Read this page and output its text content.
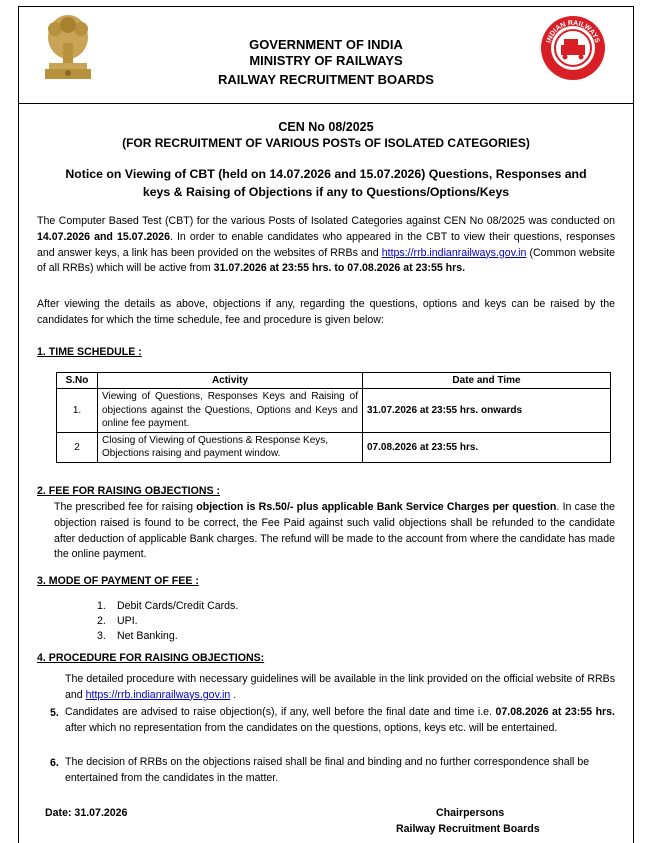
GOVERNMENT OF INDIA
MINISTRY OF RAILWAYS
RAILWAY RECRUITMENT BOARDS
INDIAN RAILWAYS
CEN No 08/2025
(FOR RECRUITMENT OF VARIOUS POSTs OF ISOLATED CATEGORIES)
Notice on Viewing of CBT (held on 14.07.2026 and 15.07.2026) Questions, Responses and
keys & Raising of Objections if any to Questions/Options/Keys
The Computer Based Test (CBT) for the various Posts of Isolated Categories against CEN No 08/2025 was conducted on 14.07.2026 and 15.07.2026. In order to enable candidates who appeared in the CBT to view their questions, responses and answer keys, a link has been provided on the websites of RRBs and https://rrb.indianrailways.gov.in (Common website of all RRBs) which will be active from 31.07.2026 at 23:55 hrs. to 07.08.2026 at 23:55 hrs.
After viewing the details as above, objections if any, regarding the questions, options and keys can be raised by the candidates for which the time schedule, fee and procedure is given below:
1. TIME SCHEDULE :
S.No	Activity	Date and Time
1.	Viewing of Questions, Responses Keys and Raising of objections against the Questions, Options and Keys and online fee payment.	31.07.2026 at 23:55 hrs. onwards
2	Closing of Viewing of Questions & Response Keys, Objections raising and payment window.	07.08.2026 at 23:55 hrs.
2. FEE FOR RAISING OBJECTIONS :
The prescribed fee for raising objection is Rs.50/- plus applicable Bank Service Charges per question. In case the objection raised is found to be correct, the Fee Paid against such valid objections shall be refunded to the candidate after deduction of applicable Bank charges. The refund will be made to the account from where the candidate has made the online payment.
3. MODE OF PAYMENT OF FEE :
1. Debit Cards/Credit Cards.
2. UPI.
3. Net Banking.
4. PROCEDURE FOR RAISING OBJECTIONS:
The detailed procedure with necessary guidelines will be available in the link provided on the official website of RRBs and https://rrb.indianrailways.gov.in .
5. Candidates are advised to raise objection(s), if any, well before the final date and time i.e. 07.08.2026 at 23:55 hrs. after which no representation from the candidates on the questions, options, keys etc. will be entertained.
6. The decision of RRBs on the objections raised shall be final and binding and no further correspondence shall be entertained from the candidates in the matter.
Date: 31.07.2026	Chairpersons
Railway Recruitment Boards
